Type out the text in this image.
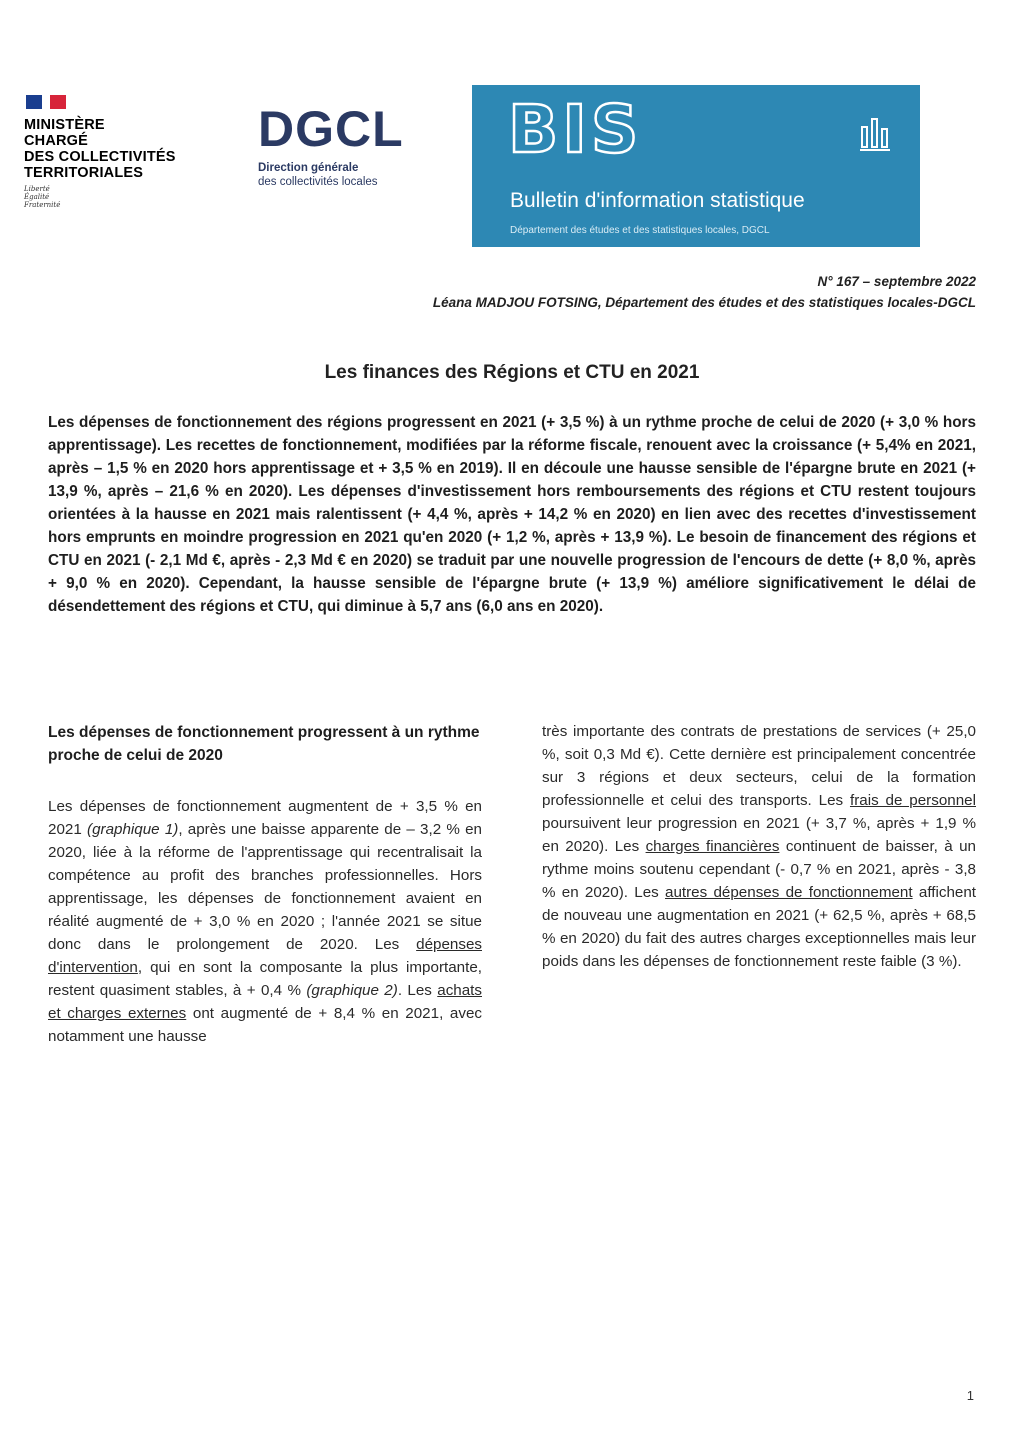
MINISTÈRE
CHARGÉ
DES COLLECTIVITÉS
TERRITORIALES
Liberté
Égalité
Fraternité
DGCL
Direction générale
des collectivités locales
BIS
Bulletin d'information statistique
Département des études et des statistiques locales, DGCL
N° 167 – septembre 2022
Léana MADJOU FOTSING, Département des études et des statistiques locales-DGCL
Les finances des Régions et CTU en 2021
Les dépenses de fonctionnement des régions progressent en 2021 (+ 3,5 %) à un rythme proche de celui de 2020 (+ 3,0 % hors apprentissage). Les recettes de fonctionnement, modifiées par la réforme fiscale, renouent avec la croissance (+ 5,4% en 2021, après – 1,5 % en 2020 hors apprentissage et + 3,5 % en 2019). Il en découle une hausse sensible de l'épargne brute en 2021 (+ 13,9 %, après – 21,6 % en 2020). Les dépenses d'investissement hors remboursements des régions et CTU restent toujours orientées à la hausse en 2021 mais ralentissent (+ 4,4 %, après + 14,2 % en 2020) en lien avec des recettes d'investissement hors emprunts en moindre progression en 2021 qu'en 2020 (+ 1,2 %, après + 13,9 %). Le besoin de financement des régions et CTU en 2021 (- 2,1 Md €, après - 2,3 Md € en 2020) se traduit par une nouvelle progression de l'encours de dette (+ 8,0 %, après + 9,0 % en 2020). Cependant, la hausse sensible de l'épargne brute (+ 13,9 %) améliore significativement le délai de désendettement des régions et CTU, qui diminue à 5,7 ans (6,0 ans en 2020).
Les dépenses de fonctionnement progressent à un rythme proche de celui de 2020

Les dépenses de fonctionnement augmentent de + 3,5 % en 2021 (graphique 1), après une baisse apparente de – 3,2 % en 2020, liée à la réforme de l'apprentissage qui recentralisait la compétence au profit des branches professionnelles. Hors apprentissage, les dépenses de fonctionnement avaient en réalité augmenté de + 3,0 % en 2020 ; l'année 2021 se situe donc dans le prolongement de 2020. Les dépenses d'intervention, qui en sont la composante la plus importante, restent quasiment stables, à + 0,4 % (graphique 2). Les achats et charges externes ont augmenté de + 8,4 % en 2021, avec notamment une hausse

très importante des contrats de prestations de services (+ 25,0 %, soit 0,3 Md €). Cette dernière est principalement concentrée sur 3 régions et deux secteurs, celui de la formation professionnelle et celui des transports. Les frais de personnel poursuivent leur progression en 2021 (+ 3,7 %, après + 1,9 % en 2020). Les charges financières continuent de baisser, à un rythme moins soutenu cependant (- 0,7 % en 2021, après - 3,8 % en 2020). Les autres dépenses de fonctionnement affichent de nouveau une augmentation en 2021 (+ 62,5 %, après + 68,5 % en 2020) du fait des autres charges exceptionnelles mais leur poids dans les dépenses de fonctionnement reste faible (3 %).

1
